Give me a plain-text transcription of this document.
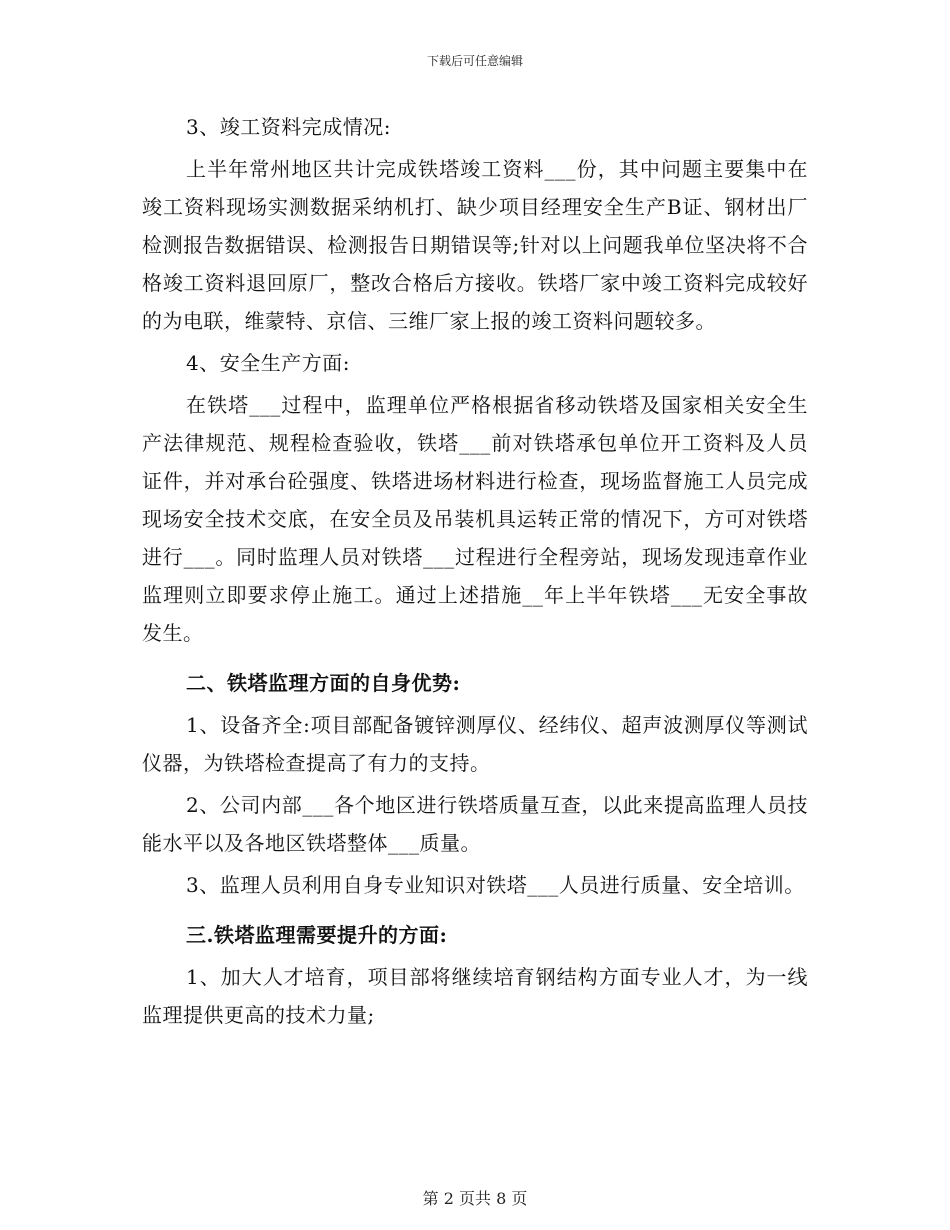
下载后可任意编辑

3、竣工资料完成情况:

上半年常州地区共计完成铁塔竣工资料___份，其中问题主要集中在竣工资料现场实测数据采纳机打、缺少项目经理安全生产B证、钢材出厂检测报告数据错误、检测报告日期错误等;针对以上问题我单位坚决将不合格竣工资料退回原厂，整改合格后方接收。铁塔厂家中竣工资料完成较好的为电联，维蒙特、京信、三维厂家上报的竣工资料问题较多。

4、安全生产方面:

在铁塔___过程中，监理单位严格根据省移动铁塔及国家相关安全生产法律规范、规程检查验收，铁塔___前对铁塔承包单位开工资料及人员证件，并对承台砼强度、铁塔进场材料进行检查，现场监督施工人员完成现场安全技术交底，在安全员及吊装机具运转正常的情况下，方可对铁塔进行___。同时监理人员对铁塔___过程进行全程旁站，现场发现违章作业监理则立即要求停止施工。通过上述措施__年上半年铁塔___无安全事故发生。

二、铁塔监理方面的自身优势:

1、设备齐全:项目部配备镀锌测厚仪、经纬仪、超声波测厚仪等测试仪器，为铁塔检查提高了有力的支持。

2、公司内部___各个地区进行铁塔质量互查，以此来提高监理人员技能水平以及各地区铁塔整体___质量。

3、监理人员利用自身专业知识对铁塔___人员进行质量、安全培训。

三.铁塔监理需要提升的方面:

1、加大人才培育，项目部将继续培育钢结构方面专业人才，为一线监理提供更高的技术力量;

第 2 页共 8 页
